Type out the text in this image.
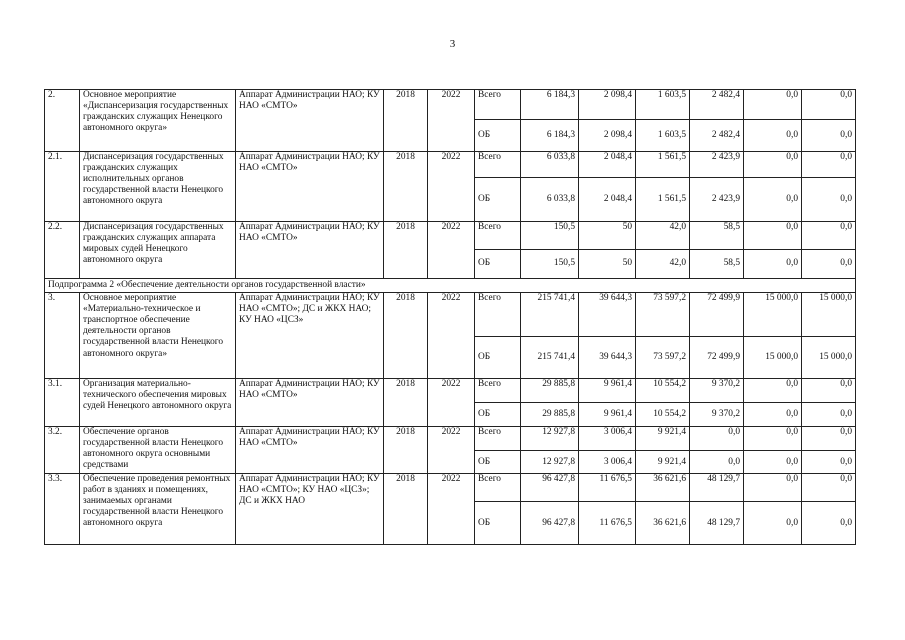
3
2.	Основное мероприятие «Диспансеризация государственных гражданских служащих Ненецкого автономного округа»	Аппарат Администрации НАО; КУ НАО «СМТО»	2018	2022	Всего	6 184,3	2 098,4	1 603,5	2 482,4	0,0	0,0
					ОБ	6 184,3	2 098,4	1 603,5	2 482,4	0,0	0,0
2.1.	Диспансеризация государственных гражданских служащих исполнительных органов государственной власти Ненецкого автономного округа	Аппарат Администрации НАО; КУ НАО «СМТО»	2018	2022	Всего	6 033,8	2 048,4	1 561,5	2 423,9	0,0	0,0
					ОБ	6 033,8	2 048,4	1 561,5	2 423,9	0,0	0,0
2.2.	Диспансеризация государственных гражданских служащих аппарата мировых судей Ненецкого автономного округа	Аппарат Администрации НАО; КУ НАО «СМТО»	2018	2022	Всего	150,5	50	42,0	58,5	0,0	0,0
					ОБ	150,5	50	42,0	58,5	0,0	0,0
Подпрограмма 2 «Обеспечение деятельности органов государственной власти»											
3.	Основное мероприятие «Материально-техническое и транспортное обеспечение деятельности органов государственной власти Ненецкого автономного округа»	Аппарат Администрации НАО; КУ НАО «СМТО»; ДС и ЖКХ НАО; КУ НАО «ЦСЗ»	2018	2022	Всего	215 741,4	39 644,3	73 597,2	72 499,9	15 000,0	15 000,0
					ОБ	215 741,4	39 644,3	73 597,2	72 499,9	15 000,0	15 000,0
3.1.	Организация материально-технического обеспечения мировых судей Ненецкого автономного округа	Аппарат Администрации НАО; КУ НАО «СМТО»	2018	2022	Всего	29 885,8	9 961,4	10 554,2	9 370,2	0,0	0,0
					ОБ	29 885,8	9 961,4	10 554,2	9 370,2	0,0	0,0
3.2.	Обеспечение органов государственной власти Ненецкого автономного округа основными средствами	Аппарат Администрации НАО; КУ НАО «СМТО»	2018	2022	Всего	12 927,8	3 006,4	9 921,4	0,0	0,0	0,0
					ОБ	12 927,8	3 006,4	9 921,4	0,0	0,0	0,0
3.3.	Обеспечение проведения ремонтных работ в зданиях и помещениях, занимаемых органами государственной власти Ненецкого автономного округа	Аппарат Администрации НАО; КУ НАО «СМТО»; КУ НАО «ЦСЗ»; ДС и ЖКХ НАО	2018	2022	Всего	96 427,8	11 676,5	36 621,6	48 129,7	0,0	0,0
					ОБ	96 427,8	11 676,5	36 621,6	48 129,7	0,0	0,0
